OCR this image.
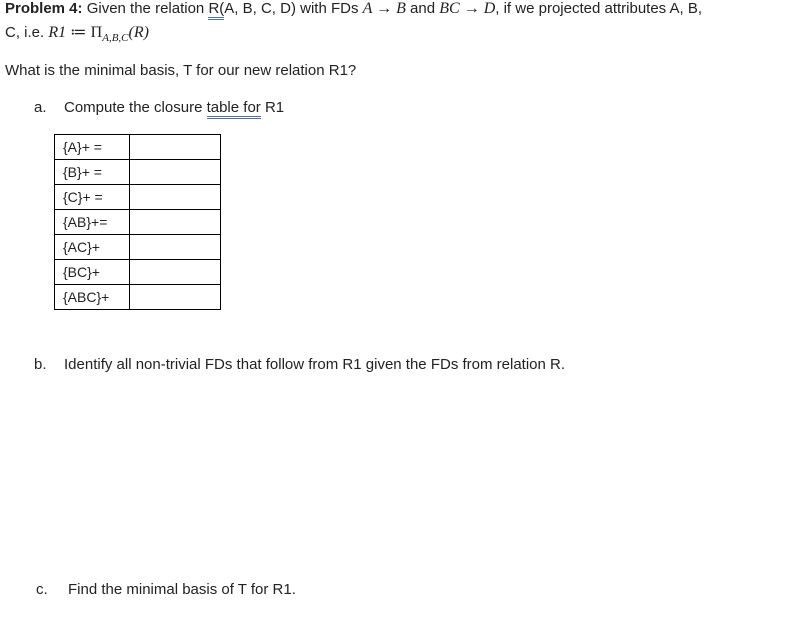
Problem 4: Given the relation R(A, B, C, D) with FDs A → B and BC → D, if we projected attributes A, B,
C, i.e. R1 ≔ $\Pi_{A,B,C}(R)$
What is the minimal basis, T for our new relation R1?
a. Compute the closure table for R1
{A}+ =	
{B}+ =	
{C}+ =	
{AB}+=	
{AC}+	
{BC}+	
{ABC}+	
b. Identify all non-trivial FDs that follow from R1 given the FDs from relation R.
c. Find the minimal basis of T for R1.
